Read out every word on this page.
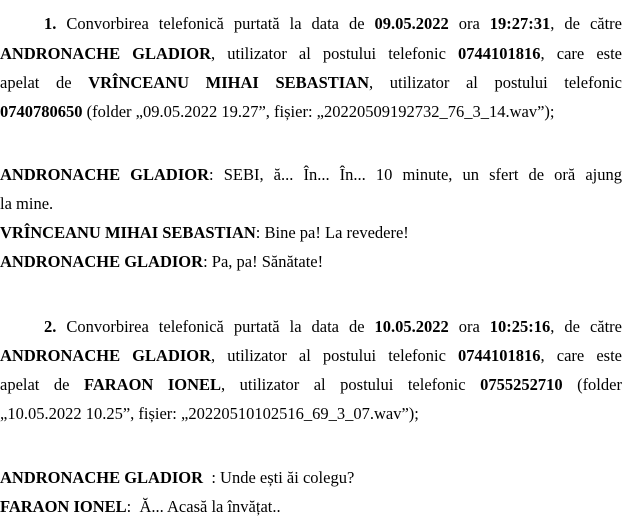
1. Convorbirea telefonică purtată la data de 09.05.2022 ora 19:27:31, de către
ANDRONACHE GLADIOR, utilizator al postului telefonic 0744101816, care este
apelat de VRÎNCEANU MIHAI SEBASTIAN, utilizator al postului telefonic
0740780650 (folder „09.05.2022 19.27”, fișier: „20220509192732_76_3_14.wav”);
ANDRONACHE GLADIOR: SEBI, ă... În... În... 10 minute, un sfert de oră ajung
la mine.
VRÎNCEANU MIHAI SEBASTIAN: Bine pa! La revedere!
ANDRONACHE GLADIOR: Pa, pa! Sănătate!
2. Convorbirea telefonică purtată la data de 10.05.2022 ora 10:25:16, de către
ANDRONACHE GLADIOR, utilizator al postului telefonic 0744101816, care este
apelat de FARAON IONEL, utilizator al postului telefonic 0755252710 (folder
„10.05.2022 10.25”, fișier: „20220510102516_69_3_07.wav”);
ANDRONACHE GLADIOR  : Unde ești ăi colegu?
FARAON IONEL:  Ă... Acasă la învățat..
